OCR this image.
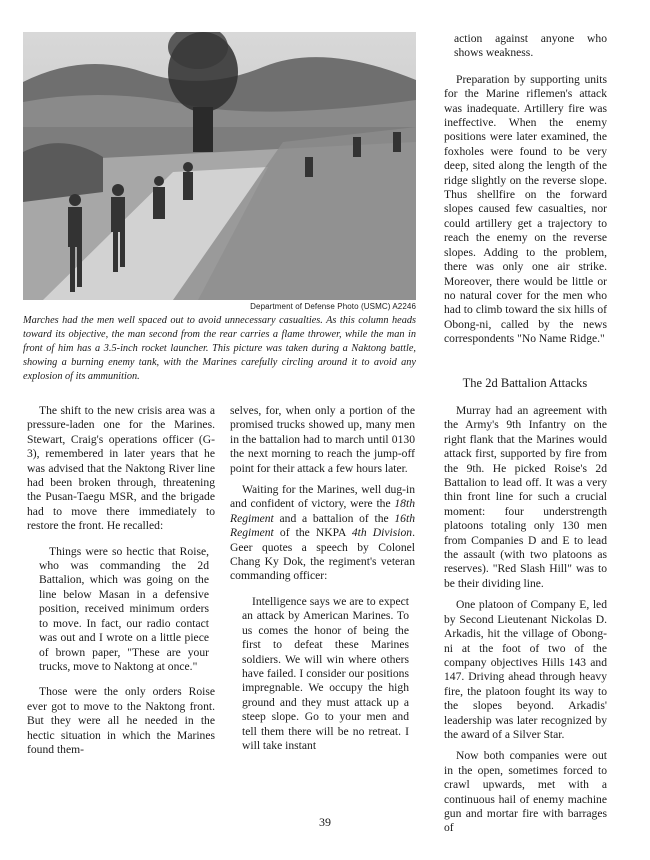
Department of Defense Photo (USMC) A2246
Marches had the men well spaced out to avoid unnecessary casualties. As this column heads toward its objective, the man second from the rear carries a flame thrower, while the man in front of him has a 3.5-inch rocket launcher. This picture was taken during a Naktong battle, showing a burning enemy tank, with the Marines carefully circling around it to avoid any explosion of its ammunition.

The shift to the new crisis area was a pressure-laden one for the Marines. Stewart, Craig's operations officer (G-3), remembered in later years that he was advised that the Naktong River line had been broken through, threatening the Pusan-Taegu MSR, and the brigade had to move there immediately to restore the front. He recalled:

Things were so hectic that Roise, who was commanding the 2d Battalion, which was going on the line below Masan in a defensive position, received minimum orders to move. In fact, our radio contact was out and I wrote on a little piece of brown paper, "These are your trucks, move to Naktong at once."

Those were the only orders Roise ever got to move to the Naktong front. But they were all he needed in the hectic situation in which the Marines found them-

selves, for, when only a portion of the promised trucks showed up, many men in the battalion had to march until 0130 the next morning to reach the jump-off point for their attack a few hours later.

Waiting for the Marines, well dug-in and confident of victory, were the 18th Regiment and a battalion of the 16th Regiment of the NKPA 4th Division. Geer quotes a speech by Colonel Chang Ky Dok, the regiment's veteran commanding officer:

Intelligence says we are to expect an attack by American Marines. To us comes the honor of being the first to defeat these Marines soldiers. We will win where others have failed. I consider our positions impregnable. We occupy the high ground and they must attack up a steep slope. Go to your men and tell them there will be no retreat. I will take instant

action against anyone who shows weakness.

Preparation by supporting units for the Marine riflemen's attack was inadequate. Artillery fire was ineffective. When the enemy positions were later examined, the foxholes were found to be very deep, sited along the length of the ridge slightly on the reverse slope. Thus shellfire on the forward slopes caused few casualties, nor could artillery get a trajectory to reach the enemy on the reverse slopes. Adding to the problem, there was only one air strike. Moreover, there would be little or no natural cover for the men who had to climb toward the six hills of Obong-ni, called by the news correspondents "No Name Ridge."

The 2d Battalion Attacks

Murray had an agreement with the Army's 9th Infantry on the right flank that the Marines would attack first, supported by fire from the 9th. He picked Roise's 2d Battalion to lead off. It was a very thin front line for such a crucial moment: four understrength platoons totaling only 130 men from Companies D and E to lead the assault (with two platoons as reserves). "Red Slash Hill" was to be their dividing line.

One platoon of Company E, led by Second Lieutenant Nickolas D. Arkadis, hit the village of Obong-ni at the foot of two of the company objectives Hills 143 and 147. Driving ahead through heavy fire, the platoon fought its way to the slopes beyond. Arkadis' leadership was later recognized by the award of a Silver Star.

Now both companies were out in the open, sometimes forced to crawl upwards, met with a continuous hail of enemy machine gun and mortar fire with barrages of

39
